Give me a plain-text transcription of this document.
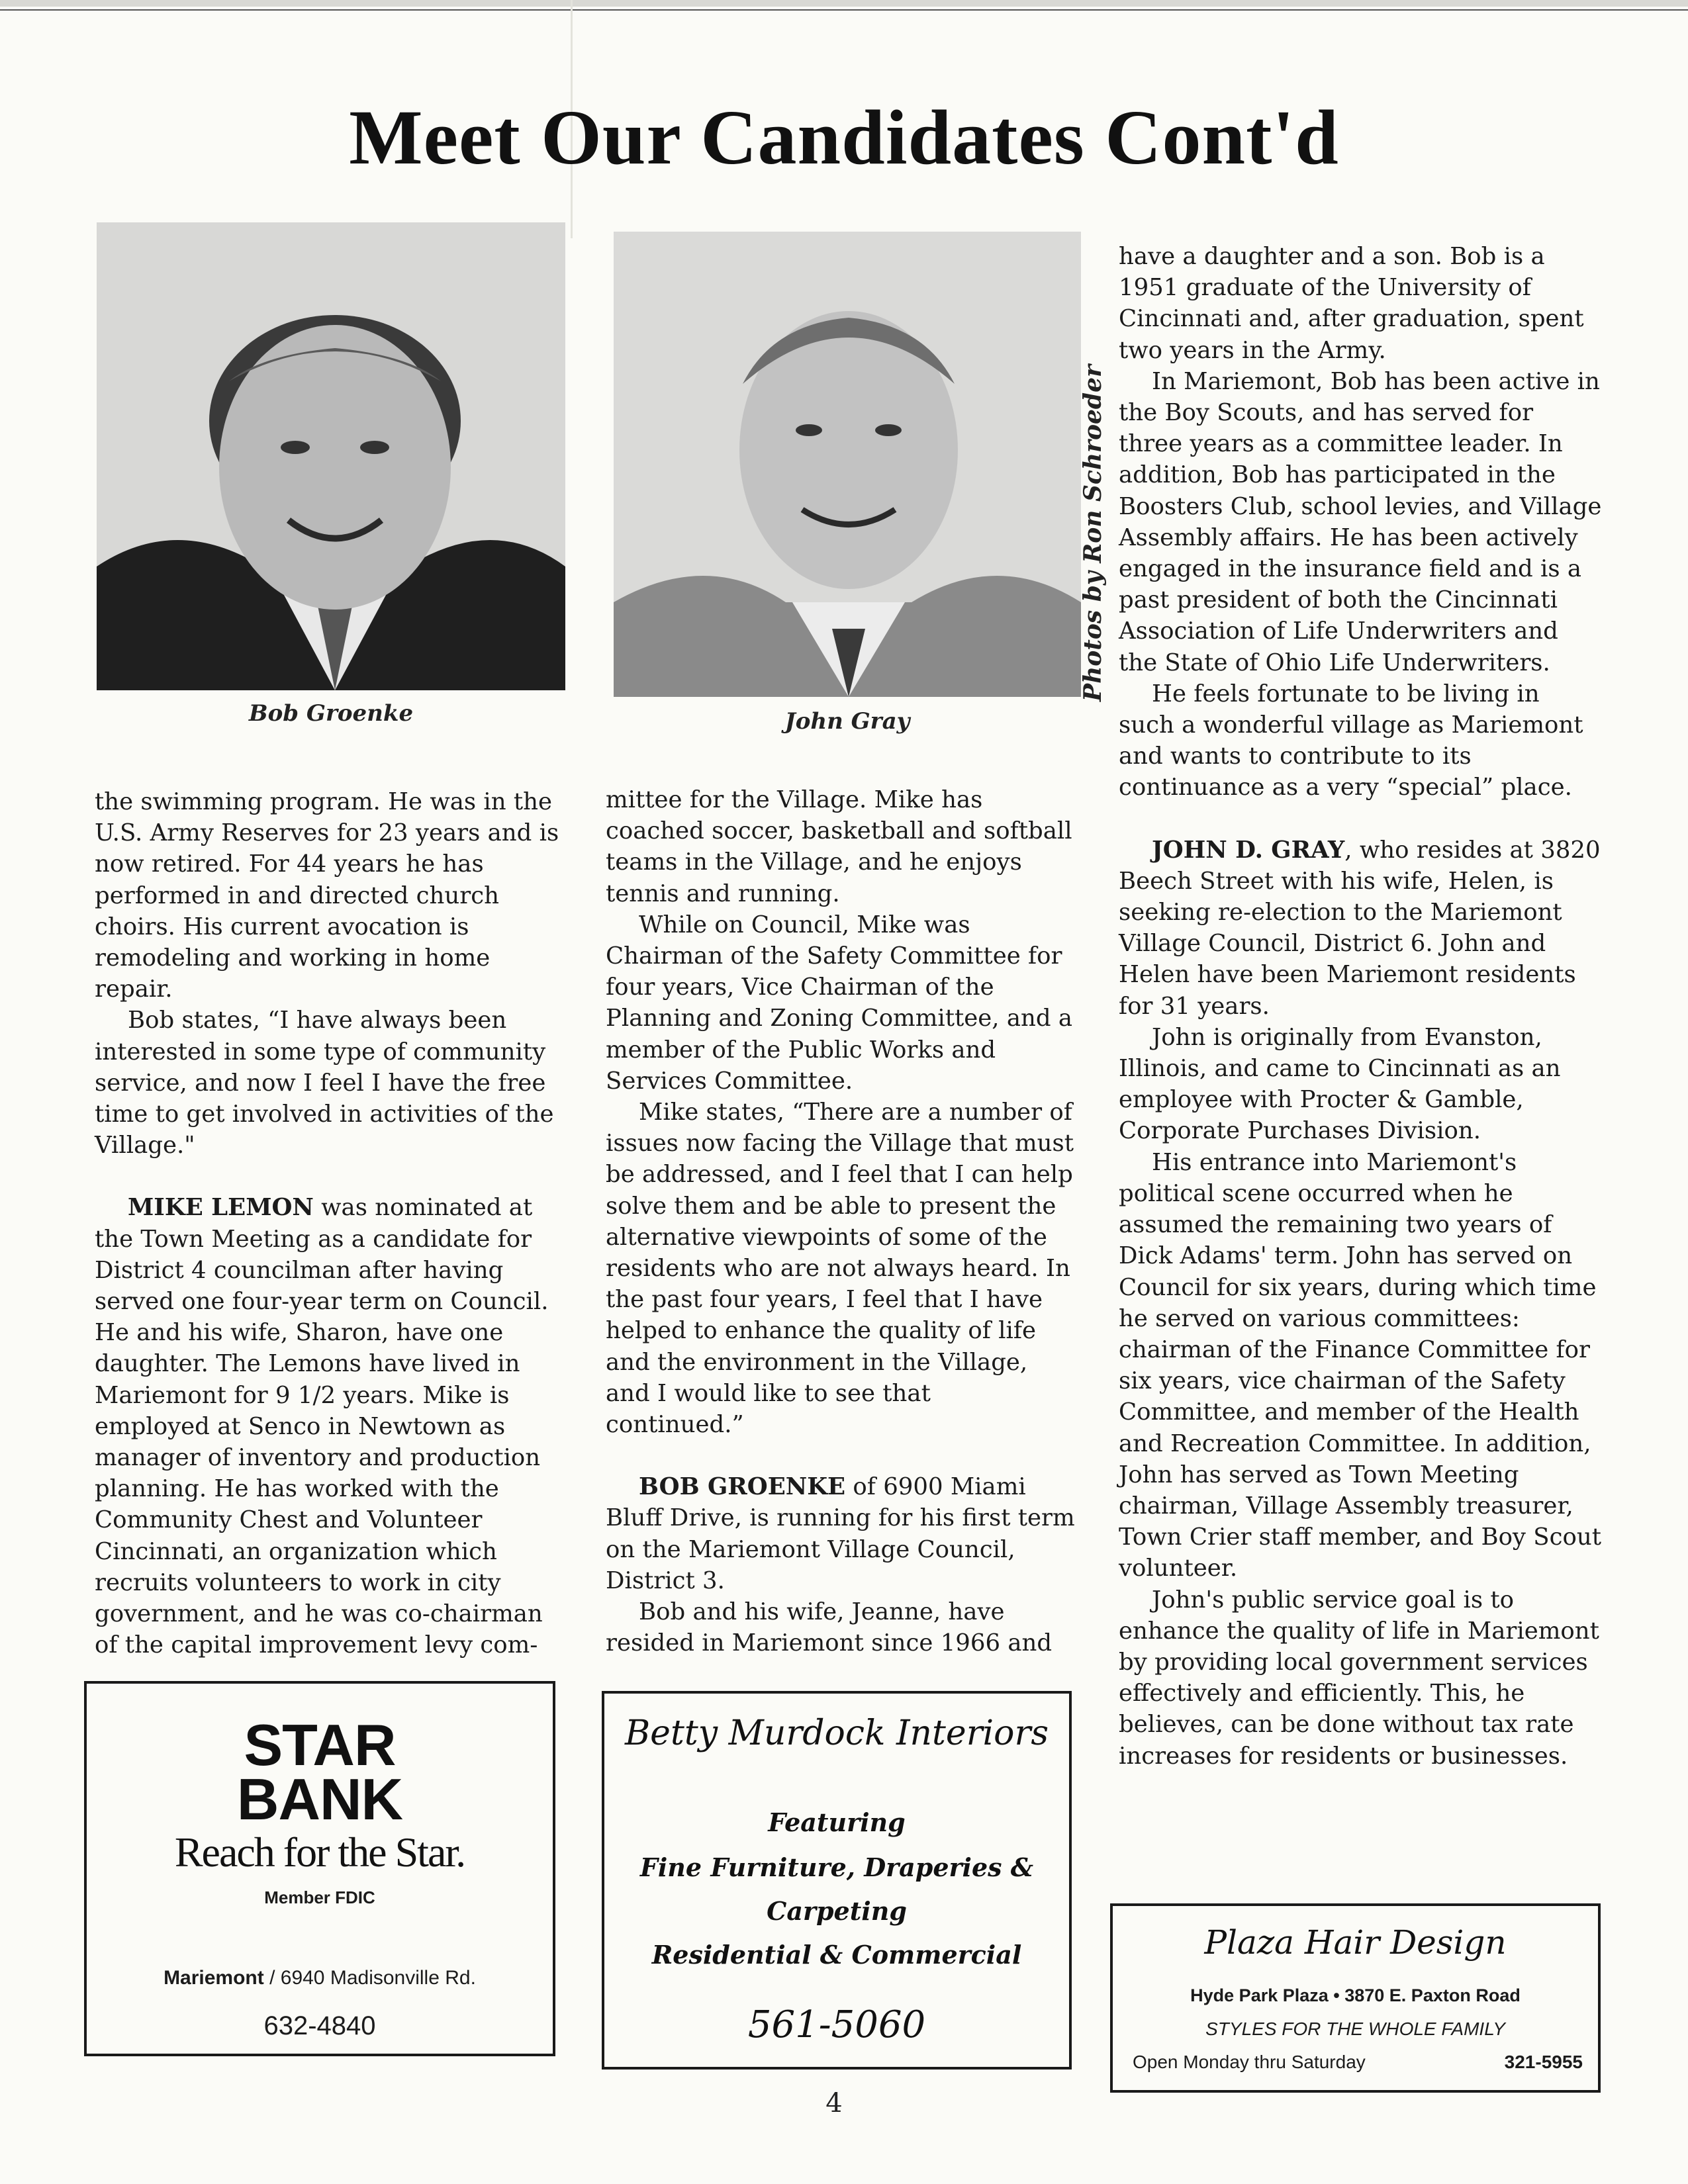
Meet Our Candidates Cont'd

Bob Groenke	John Gray

Photos by Ron Schroeder

the swimming program. He was in the U.S. Army Reserves for 23 years and is now retired. For 44 years he has performed in and directed church choirs. His current avocation is remodeling and working in home repair.

Bob states, “I have always been interested in some type of community service, and now I feel I have the free time to get involved in activities of the Village."

MIKE LEMON was nominated at the Town Meeting as a candidate for District 4 councilman after having served one four-year term on Council. He and his wife, Sharon, have one daughter. The Lemons have lived in Mariemont for 9 1/2 years. Mike is employed at Senco in Newtown as manager of inventory and production planning. He has worked with the Community Chest and Volunteer Cincinnati, an organization which recruits volunteers to work in city government, and he was co-chairman of the capital improvement levy com-

mittee for the Village. Mike has coached soccer, basketball and softball teams in the Village, and he enjoys tennis and running.

While on Council, Mike was Chairman of the Safety Committee for four years, Vice Chairman of the Planning and Zoning Committee, and a member of the Public Works and Services Committee.

Mike states, “There are a number of issues now facing the Village that must be addressed, and I feel that I can help solve them and be able to present the alternative viewpoints of some of the residents who are not always heard. In the past four years, I feel that I have helped to enhance the quality of life and the environment in the Village, and I would like to see that continued.”

BOB GROENKE of 6900 Miami Bluff Drive, is running for his first term on the Mariemont Village Council, District 3.

Bob and his wife, Jeanne, have resided in Mariemont since 1966 and

have a daughter and a son. Bob is a 1951 graduate of the University of Cincinnati and, after graduation, spent two years in the Army.

In Mariemont, Bob has been active in the Boy Scouts, and has served for three years as a committee leader. In addition, Bob has participated in the Boosters Club, school levies, and Village Assembly affairs. He has been actively engaged in the insurance field and is a past president of both the Cincinnati Association of Life Underwriters and the State of Ohio Life Underwriters.

He feels fortunate to be living in such a wonderful village as Mariemont and wants to contribute to its continuance as a very “special” place.

JOHN D. GRAY, who resides at 3820 Beech Street with his wife, Helen, is seeking re-election to the Mariemont Village Council, District 6. John and Helen have been Mariemont residents for 31 years.

John is originally from Evanston, Illinois, and came to Cincinnati as an employee with Procter & Gamble, Corporate Purchases Division.

His entrance into Mariemont's political scene occurred when he assumed the remaining two years of Dick Adams' term. John has served on Council for six years, during which time he served on various committees: chairman of the Finance Committee for six years, vice chairman of the Safety Committee, and member of the Health and Recreation Committee. In addition, John has served as Town Meeting chairman, Village Assembly treasurer, Town Crier staff member, and Boy Scout volunteer.

John's public service goal is to enhance the quality of life in Mariemont by providing local government services effectively and efficiently. This, he believes, can be done without tax rate increases for residents or businesses.

STAR
BANK
Reach for the Star.

Member FDIC

Mariemont / 6940 Madisonville Rd.

632-4840

Betty Murdock Interiors

Featuring

Fine Furniture, Draperies &

Carpeting

Residential & Commercial

561-5060

Plaza Hair Design

Hyde Park Plaza • 3870 E. Paxton Road

STYLES FOR THE WHOLE FAMILY

Open Monday thru Saturday	321-5955
4
